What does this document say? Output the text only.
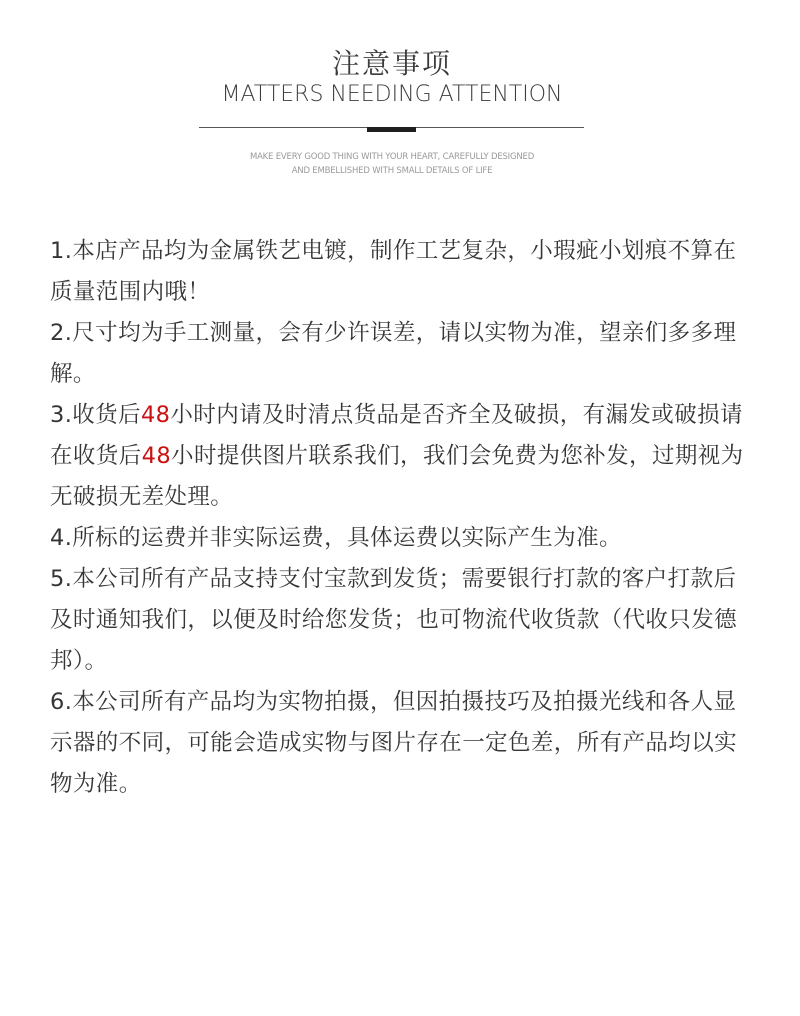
注意事项
MATTERS NEEDING ATTENTION
MAKE EVERY GOOD THING WITH YOUR HEART, CAREFULLY DESIGNED
AND EMBELLISHED WITH SMALL DETAILS OF LIFE

1.本店产品均为金属铁艺电镀，制作工艺复杂，小瑕疵小划痕不算在质量范围内哦！

2.尺寸均为手工测量，会有少许误差，请以实物为准，望亲们多多理解。

3.收货后48小时内请及时清点货品是否齐全及破损，有漏发或破损请在收货后48小时提供图片联系我们，我们会免费为您补发，过期视为无破损无差处理。

4.所标的运费并非实际运费，具体运费以实际产生为准。

5.本公司所有产品支持支付宝款到发货；需要银行打款的客户打款后及时通知我们，以便及时给您发货；也可物流代收货款（代收只发德邦）。

6.本公司所有产品均为实物拍摄，但因拍摄技巧及拍摄光线和各人显示器的不同，可能会造成实物与图片存在一定色差，所有产品均以实物为准。
